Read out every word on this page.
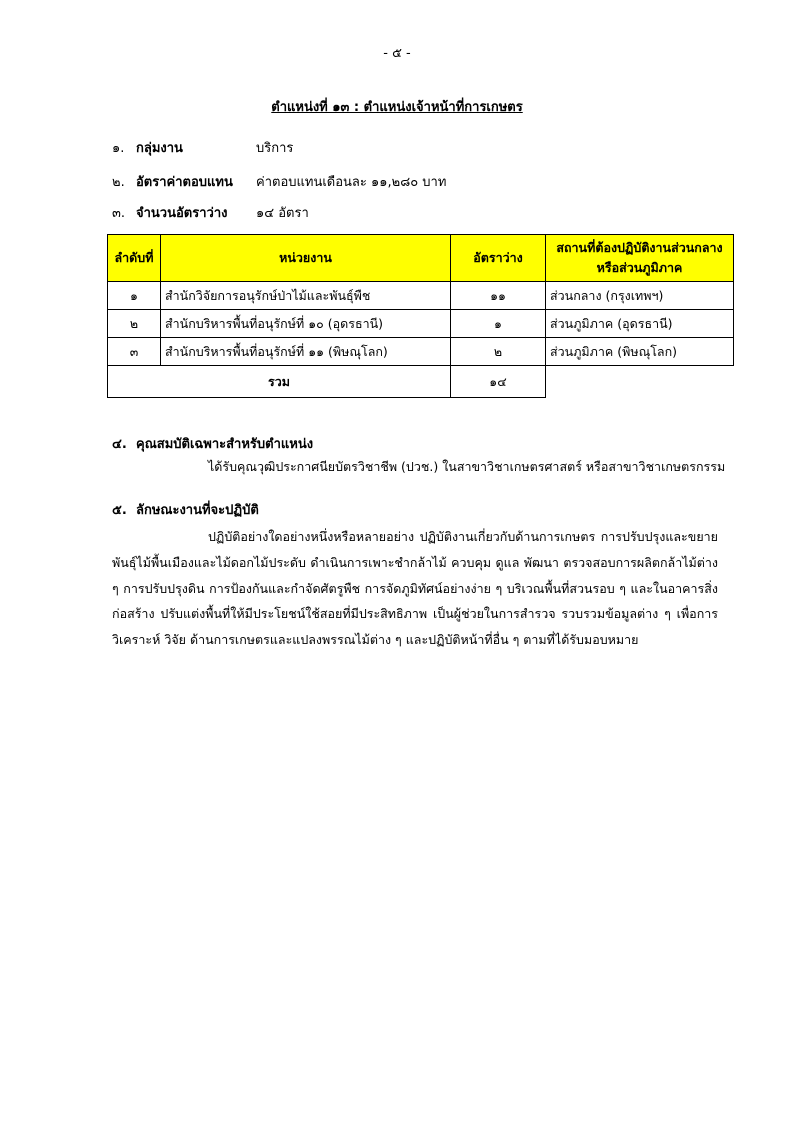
- ๕ -
ตำแหน่งที่ ๑๓ : ตำแหน่งเจ้าหน้าที่การเกษตร
๑. กลุ่มงาน	บริการ
๒. อัตราค่าตอบแทน ค่าตอบแทนเดือนละ ๑๑,๒๘๐ บาท
๓. จำนวนอัตราว่าง ๑๔ อัตรา
ลำดับที่	หน่วยงาน	อัตราว่าง	สถานที่ต้องปฏิบัติงานส่วนกลางหรือส่วนภูมิภาค
๑	สำนักวิจัยการอนุรักษ์ป่าไม้และพันธุ์พืช	๑๑	ส่วนกลาง (กรุงเทพฯ)
๒	สำนักบริหารพื้นที่อนุรักษ์ที่ ๑๐ (อุดรธานี)	๑	ส่วนภูมิภาค (อุดรธานี)
๓	สำนักบริหารพื้นที่อนุรักษ์ที่ ๑๑ (พิษณุโลก)	๒	ส่วนภูมิภาค (พิษณุโลก)
รวม		๑๔	
๔. คุณสมบัติเฉพาะสำหรับตำแหน่ง
ได้รับคุณวุฒิประกาศนียบัตรวิชาชีพ (ปวช.) ในสาขาวิชาเกษตรศาสตร์ หรือสาขาวิชาเกษตรกรรม
๕. ลักษณะงานที่จะปฏิบัติ
ปฏิบัติอย่างใดอย่างหนึ่งหรือหลายอย่าง ปฏิบัติงานเกี่ยวกับด้านการเกษตร การปรับปรุงและขยายพันธุ์ไม้พื้นเมืองและไม้ดอกไม้ประดับ ดำเนินการเพาะชำกล้าไม้ ควบคุม ดูแล พัฒนา ตรวจสอบการผลิตกล้าไม้ต่าง ๆ การปรับปรุงดิน การป้องกันและกำจัดศัตรูพืช การจัดภูมิทัศน์อย่างง่าย ๆ บริเวณพื้นที่สวนรอบ ๆ และในอาคารสิ่งก่อสร้าง ปรับแต่งพื้นที่ให้มีประโยชน์ใช้สอยที่มีประสิทธิภาพ เป็นผู้ช่วยในการสำรวจ รวบรวมข้อมูลต่าง ๆ เพื่อการวิเคราะห์ วิจัย ด้านการเกษตรและแปลงพรรณไม้ต่าง ๆ และปฏิบัติหน้าที่อื่น ๆ ตามที่ได้รับมอบหมาย
